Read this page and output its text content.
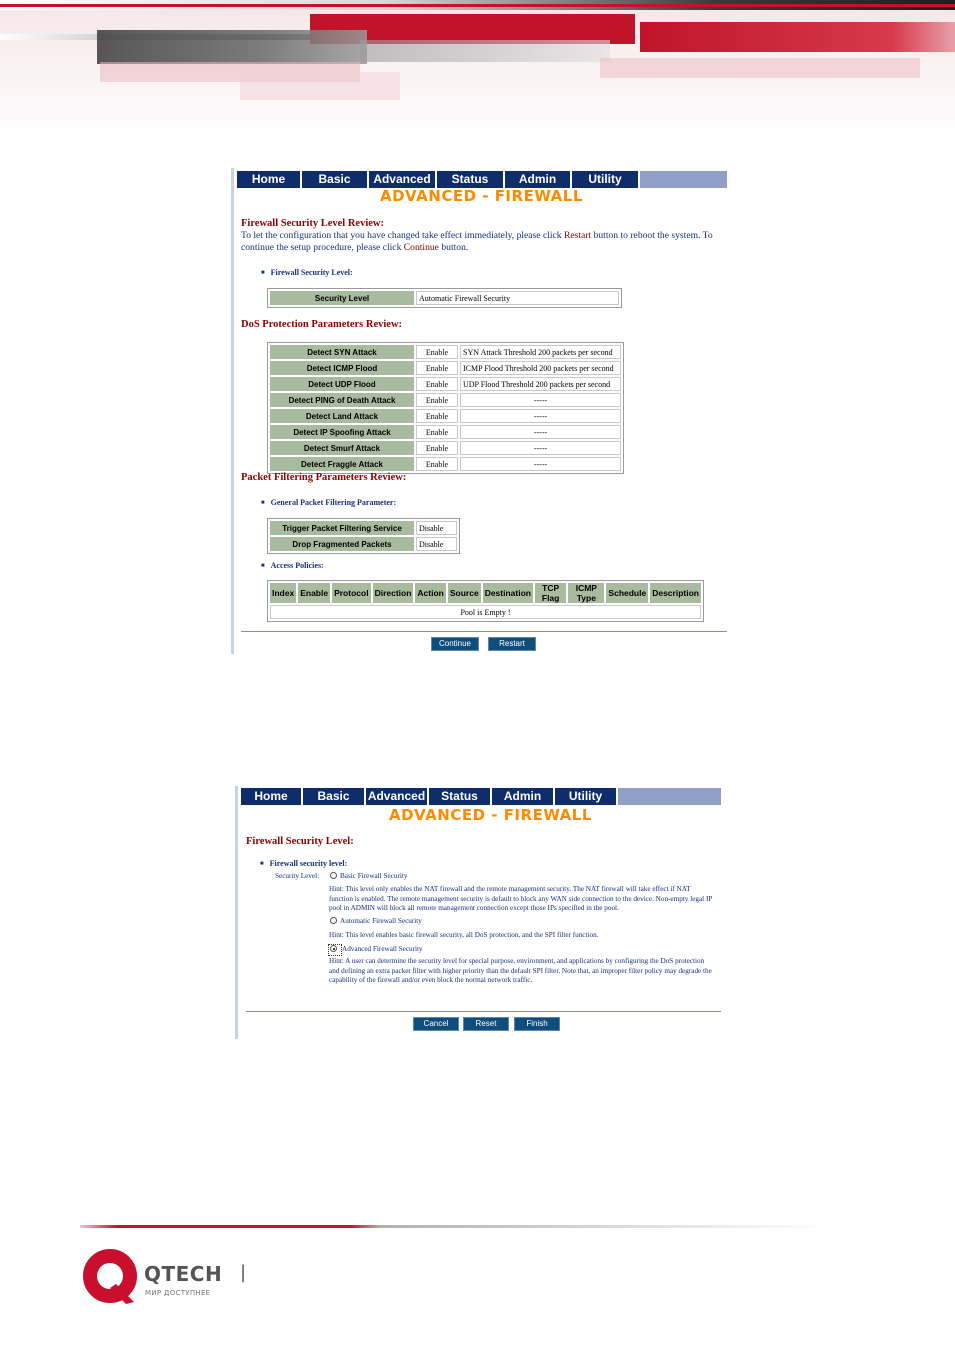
Home	Basic	Advanced	Status	Admin	Utility
ADVANCED - FIREWALL
Firewall Security Level Review:
To let the configuration that you have changed take effect immediately, please click Restart button to reboot the system. To continue the setup procedure, please click Continue button.
■ Firewall Security Level:
Security Level	Automatic Firewall Security
DoS Protection Parameters Review:
Detect SYN Attack	Enable	SYN Attack Threshold 200 packets per second
Detect ICMP Flood	Enable	ICMP Flood Threshold 200 packets per second
Detect UDP Flood	Enable	UDP Flood Threshold 200 packets per second
Detect PING of Death Attack	Enable	-----
Detect Land Attack	Enable	-----
Detect IP Spoofing Attack	Enable	-----
Detect Smurf Attack	Enable	-----
Detect Fraggle Attack	Enable	-----
Packet Filtering Parameters Review:
■ General Packet Filtering Parameter:
Trigger Packet Filtering Service	Disable
Drop Fragmented Packets	Disable
■ Access Policies:
Index	Enable	Protocol	Direction	Action	Source	Destination	TCP Flag	ICMP Type	Schedule	Description
Pool is Empty !
Continue	Restart
Home	Basic	Advanced	Status	Admin	Utility
ADVANCED - FIREWALL
Firewall Security Level:
■ Firewall security level:
Security Level:	Basic Firewall Security
Hint: This level only enables the NAT firewall and the remote management security. The NAT firewall will take effect if NAT function is enabled. The remote management security is default to block any WAN side connection to the device. Non-empty legal IP pool in ADMIN will block all remote management connection except those IPs specified in the pool.
Automatic Firewall Security
Hint: This level enables basic firewall security, all DoS protection, and the SPI filter function.
Advanced Firewall Security
Hint: A user can determine the security level for special purpose, environment, and applications by configuring the DoS protection and defining an extra packet filter with higher priority than the default SPI filter. Note that, an improper filter policy may degrade the capability of the firewall and/or even block the normal network traffic.
Cancel	Reset	Finish
QTECH
МИР ДОСТУПНЕЕ
|
